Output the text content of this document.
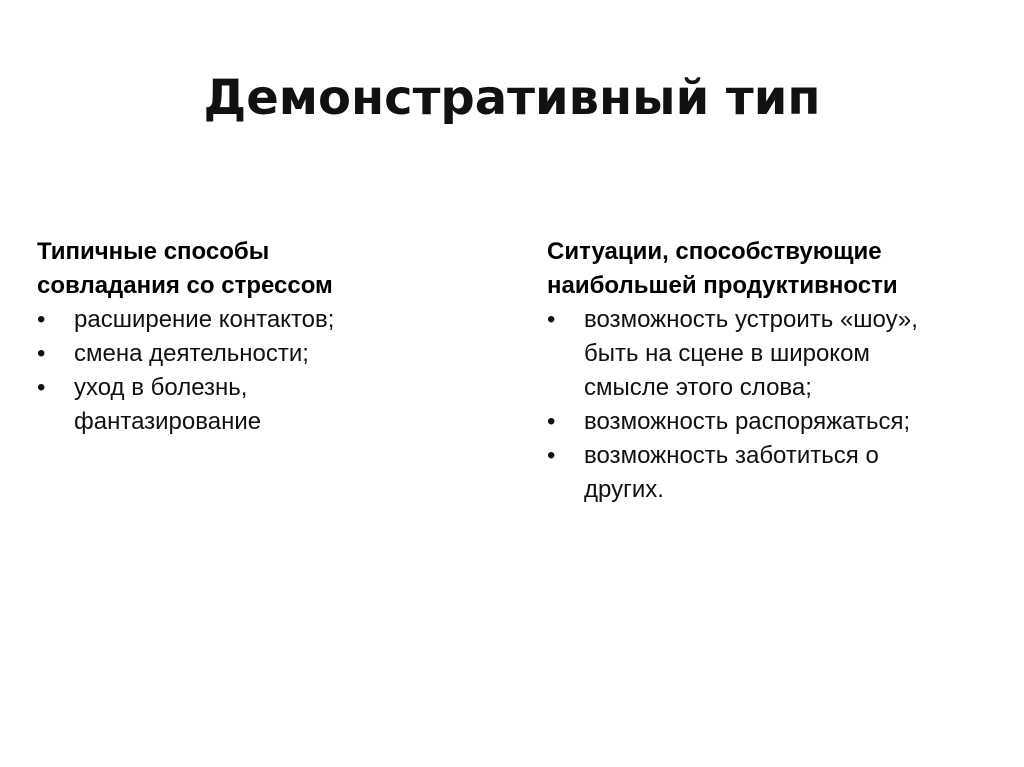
Демонстративный тип
Типичные способы
совладания со стрессом
•	расширение контактов;
•	смена деятельности;
•	уход в болезнь,
фантазирование
Ситуации, способствующие
наибольшей продуктивности
•	возможность устроить «шоу»,
быть на сцене в широком
смысле этого слова;
•	возможность распоряжаться;
•	возможность заботиться о
других.
